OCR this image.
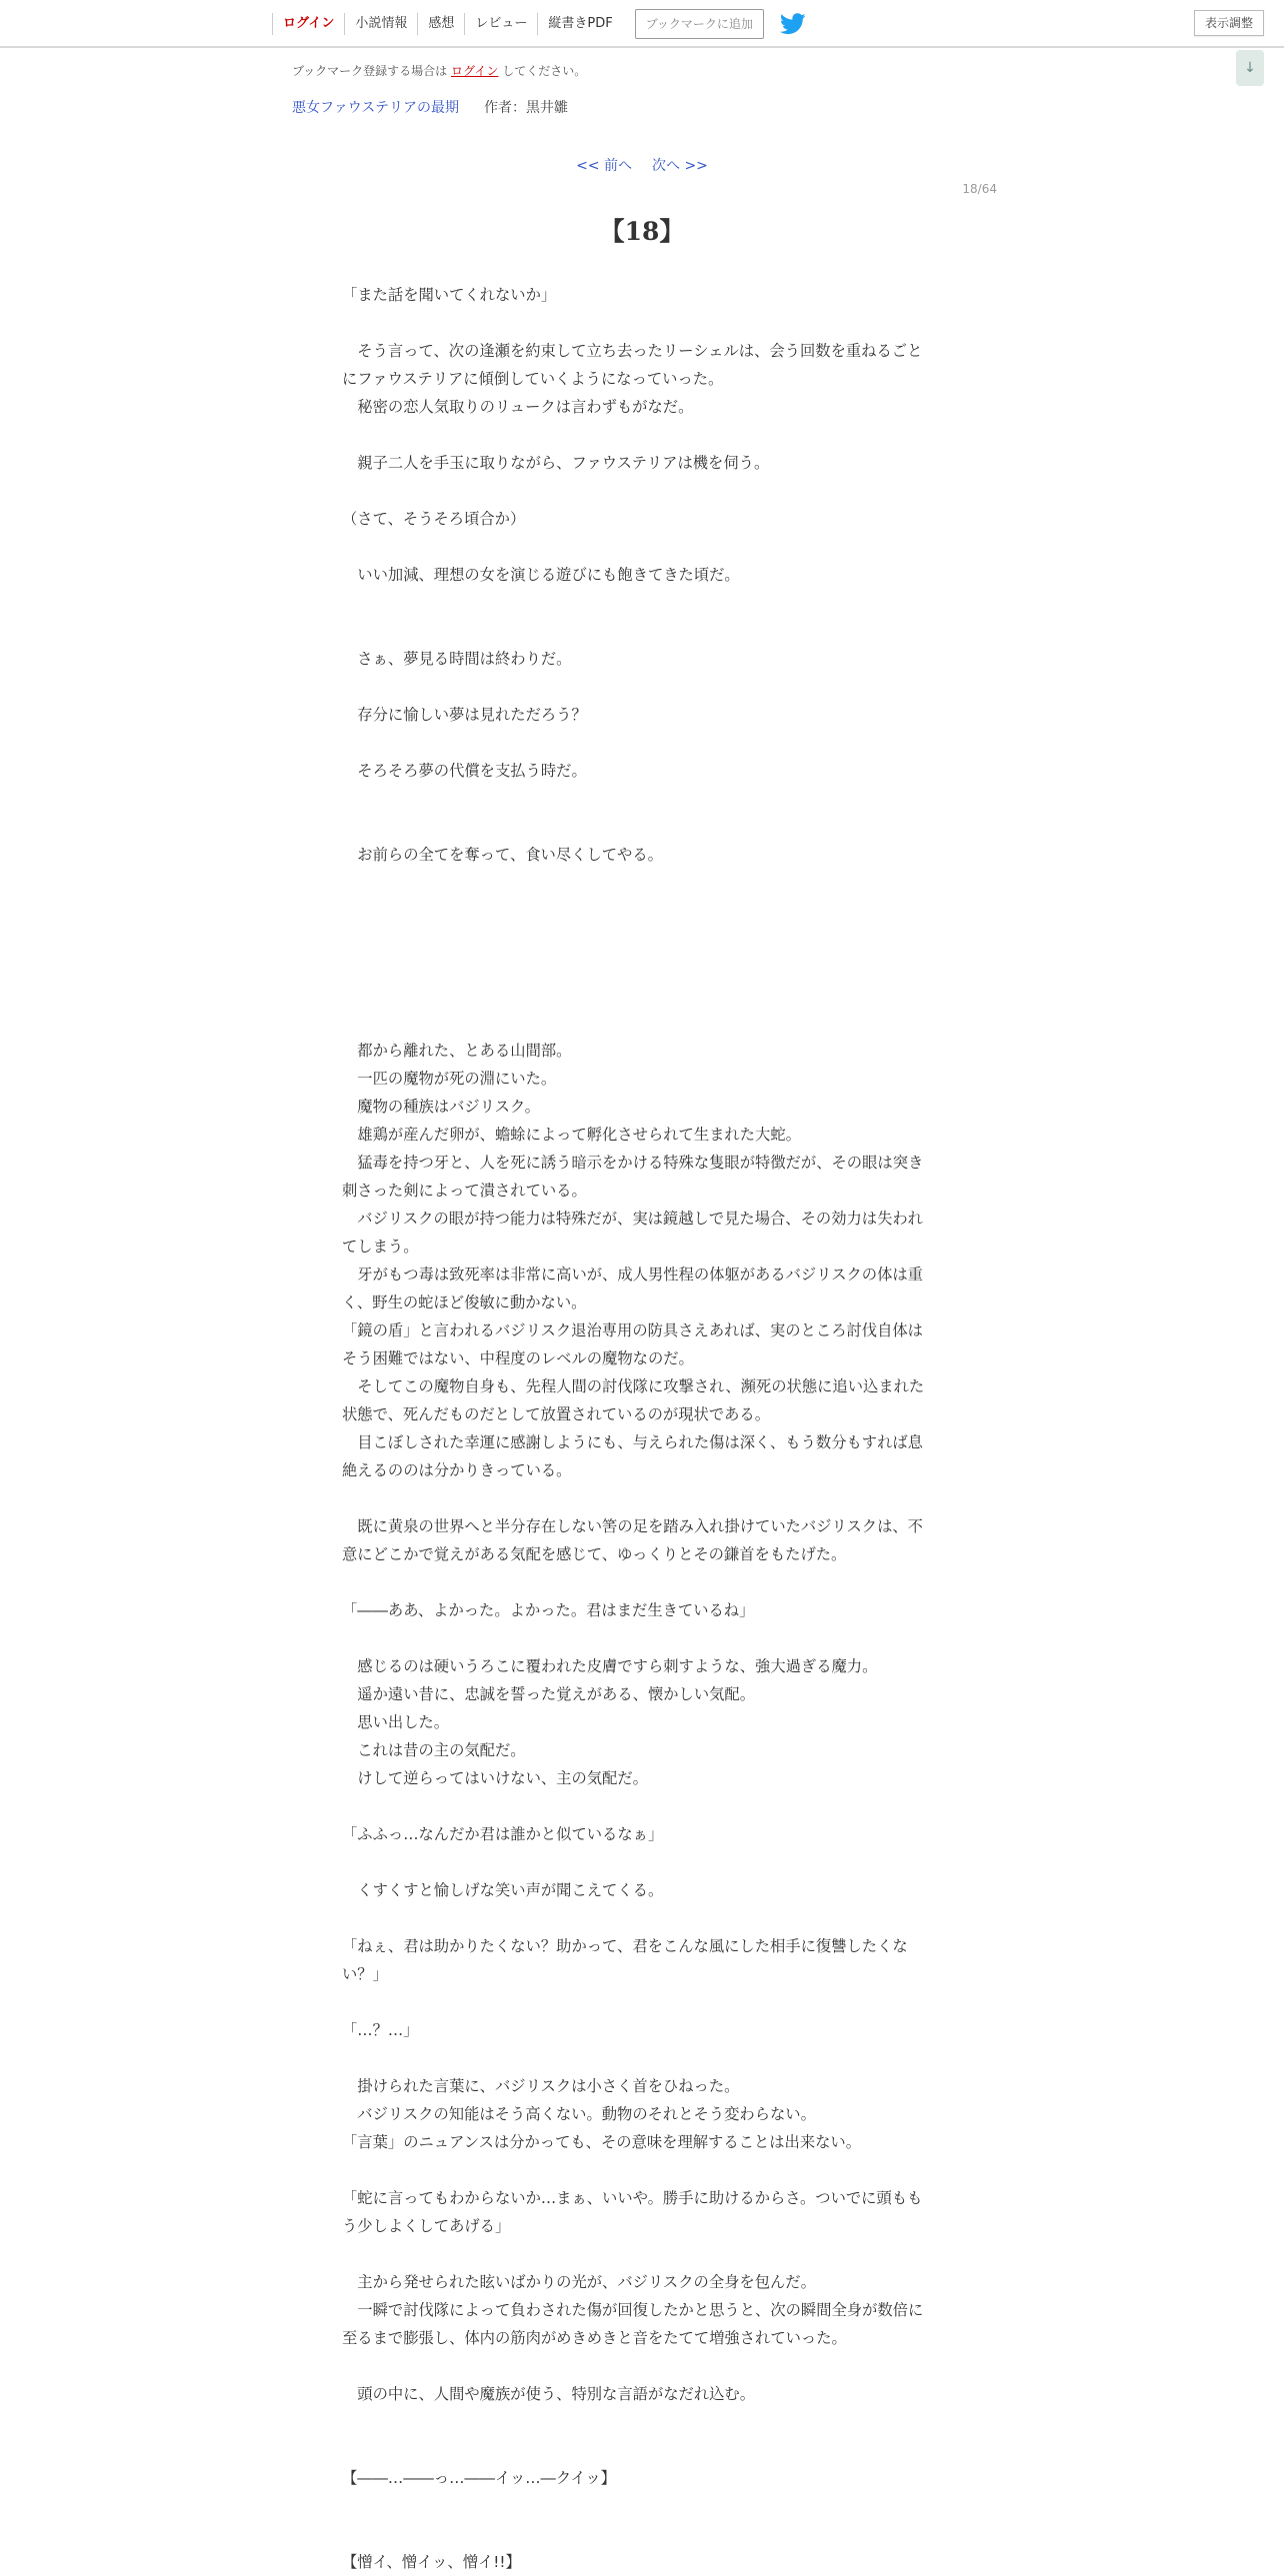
ログイン	小説情報	感想	レビュー	縦書きPDF	ブックマークに追加	表示調整
↓
ブックマーク登録する場合は ログイン してください。
悪女ファウステリアの最期 作者：黒井雛
<< 前へ 次へ >>
18/64
【18】

「また話を聞いてくれないか」

　そう言って、次の逢瀬を約束して立ち去ったリーシェルは、会う回数を重ねるごとにファウステリアに傾倒していくようになっていった。

　秘密の恋人気取りのリュークは言わずもがなだ。

　親子二人を手玉に取りながら、ファウステリアは機を伺う。

（さて、そうそろ頃合か）

　いい加減、理想の女を演じる遊びにも飽きてきた頃だ。

　さぁ、夢見る時間は終わりだ。

　存分に愉しい夢は見れただろう？

　そろそろ夢の代償を支払う時だ。

　お前らの全てを奪って、食い尽くしてやる。

　都から離れた、とある山間部。

　一匹の魔物が死の淵にいた。

　魔物の種族はバジリスク。

　雄鶏が産んだ卵が、蟾蜍によって孵化させられて生まれた大蛇。

　猛毒を持つ牙と、人を死に誘う暗示をかける特殊な隻眼が特徴だが、その眼は突き刺さった剣によって潰されている。

　バジリスクの眼が持つ能力は特殊だが、実は鏡越しで見た場合、その効力は失われてしまう。

　牙がもつ毒は致死率は非常に高いが、成人男性程の体躯があるバジリスクの体は重く、野生の蛇ほど俊敏に動かない。

「鏡の盾」と言われるバジリスク退治専用の防具さえあれば、実のところ討伐自体はそう困難ではない、中程度のレベルの魔物なのだ。

　そしてこの魔物自身も、先程人間の討伐隊に攻撃され、瀕死の状態に追い込まれた状態で、死んだものだとして放置されているのが現状である。

　目こぼしされた幸運に感謝しようにも、与えられた傷は深く、もう数分もすれば息絶えるののは分かりきっている。

　既に黄泉の世界へと半分存在しない筈の足を踏み入れ掛けていたバジリスクは、不意にどこかで覚えがある気配を感じて、ゆっくりとその鎌首をもたげた。

「――ああ、よかった。よかった。君はまだ生きているね」

　感じるのは硬いうろこに覆われた皮膚ですら刺すような、強大過ぎる魔力。

　遥か遠い昔に、忠誠を誓った覚えがある、懐かしい気配。

　思い出した。

　これは昔の主の気配だ。

　けして逆らってはいけない、主の気配だ。

「ふふっ…なんだか君は誰かと似ているなぁ」

　くすくすと愉しげな笑い声が聞こえてくる。

「ねぇ、君は助かりたくない？助かって、君をこんな風にした相手に復讐したくない？」

「…？…」

　掛けられた言葉に、バジリスクは小さく首をひねった。

　バジリスクの知能はそう高くない。動物のそれとそう変わらない。

「言葉」のニュアンスは分かっても、その意味を理解することは出来ない。

「蛇に言ってもわからないか…まぁ、いいや。勝手に助けるからさ。ついでに頭ももう少しよくしてあげる」

　主から発せられた眩いばかりの光が、バジリスクの全身を包んだ。

　一瞬で討伐隊によって負わされた傷が回復したかと思うと、次の瞬間全身が数倍に至るまで膨張し、体内の筋肉がめきめきと音をたてて増強されていった。

　頭の中に、人間や魔族が使う、特別な言語がなだれ込む。

【――…――っ…――イッ…―クイッ】

【憎イ、憎イッ、憎イ!!】
